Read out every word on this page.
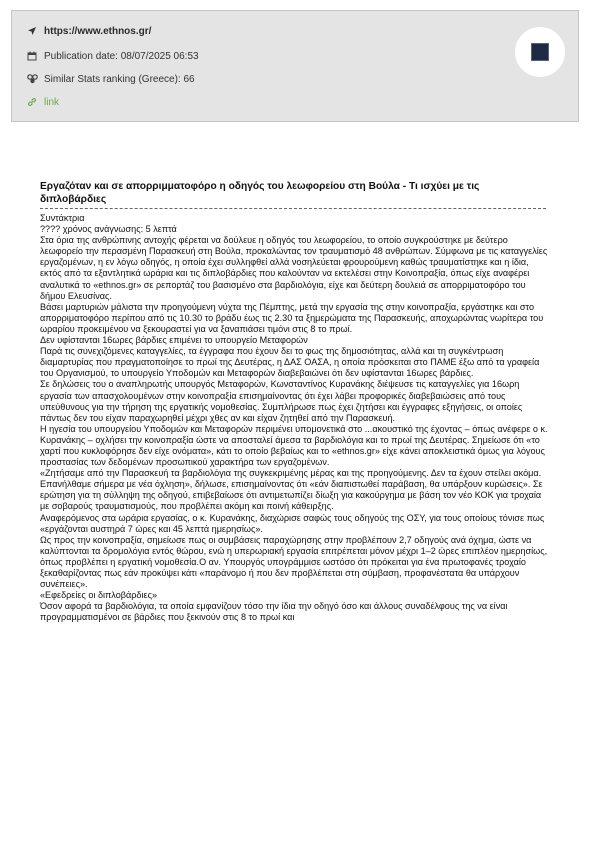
https://www.ethnos.gr/
Publication date: 08/07/2025 06:53
Similar Stats ranking (Greece): 66
link
Εργαζόταν και σε απορριμματοφόρο η οδηγός του λεωφορείου στη Βούλα - Τι ισχύει με τις διπλοβάρδιες

Συντάκτρια

???? χρόνος ανάγνωσης: 5 λεπτά

Στα όρια της ανθρώπινης αντοχής φέρεται να δούλευε η οδηγός του λεωφορείου, το οποίο συγκρούστηκε με δεύτερο λεωφορείο την περασμένη Παρασκευή στη Βούλα, προκαλώντας τον τραυματισμό 48 ανθρώπων. Σύμφωνα με τις καταγγελίες εργαζομένων, η εν λόγω οδηγός, η οποία έχει συλληφθεί αλλά νοσηλεύεται φρουρούμενη καθώς τραυματίστηκε και η ίδια, εκτός από τα εξαντλητικά ωράρια και τις διπλοβάρδιες που καλούνταν να εκτελέσει στην Κοινοπραξία, όπως είχε αναφέρει αναλυτικά το «ethnos.gr» σε ρεπορτάζ του βασισμένο στα βαρδιολόγια, είχε και δεύτερη δουλειά σε απορριματοφόρο του δήμου Ελευσίνας.

Βάσει μαρτυριών μάλιστα την προηγούμενη νύχτα της Πέμπτης, μετά την εργασία της στην κοινοπραξία, εργάστηκε και στο απορριματοφόρο περίπου από τις 10.30 το βράδυ έως τις 2.30 τα ξημερώματα της Παρασκευής, αποχωρώντας νωρίτερα του ωραρίου προκειμένου να ξεκουραστεί για να ξαναπιάσει τιμόνι στις 8 το πρωί.

Δεν υφίστανται 16ωρες βάρδιες επιμένει το υπουργείο Μεταφορών

Παρά τις συνεχιζόμενες καταγγελίες, τα έγγραφα που έχουν δει το φως της δημοσιότητας, αλλά και τη συγκέντρωση διαμαρτυρίας που πραγματοποίησε το πρωί της Δευτέρας, η ΔΑΣ ΟΑΣΑ, η οποία πρόσκειται στο ΠΑΜΕ έξω από τα γραφεία του Οργανισμού, το υπουργείο Υποδομών και Μεταφορών διαβεβαιώνει ότι δεν υφίστανται 16ωρες βάρδιες.

Σε δηλώσεις του ο αναπληρωτής υπουργός Μεταφορών, Κωνσταντίνος Κυρανάκης διέψευσε τις καταγγελίες για 16ωρη εργασία των απασχολουμένων στην κοινοπραξία επισημαίνοντας ότι έχει λάβει προφορικές διαβεβαιώσεις από τους υπεύθυνους για την τήρηση της εργατικής νομοθεσίας. Συμπλήρωσε πως έχει ζητήσει και έγγραφες εξηγήσεις, οι οποίες πάντως δεν του είχαν παραχωρηθεί μέχρι χθες αν και είχαν ζητηθεί από την Παρασκευή.

Η ηγεσία του υπουργείου Υποδομών και Μεταφορών περιμένει υπομονετικά στο ...ακουστικό της έχοντας – όπως ανέφερε ο κ. Κυρανάκης – οχλήσει την κοινοπραξία ώστε να αποσταλεί άμεσα τα βαρδιολόγια και το πρωί της Δευτέρας. Σημείωσε ότι «το χαρτί που κυκλοφόρησε δεν είχε ονόματα», κάτι το οποίο βεβαίως και το «ethnos.gr» είχε κάνει αποκλειστικά όμως για λόγους προστασίας των δεδομένων προσωπικού χαρακτήρα των εργαζομένων.

«Ζητήσαμε από την Παρασκευή τα βαρδιολόγια της συγκεκριμένης μέρας και της προηγούμενης. Δεν τα έχουν στείλει ακόμα. Επανήλθαμε σήμερα με νέα όχληση», δήλωσε, επισημαίνοντας ότι «εάν διαπιστωθεί παράβαση, θα υπάρξουν κυρώσεις». Σε ερώτηση για τη σύλληψη της οδηγού, επιβεβαίωσε ότι αντιμετωπίζει δίωξη για κακούργημα με βάση τον νέο ΚΟΚ για τροχαία με σοβαρούς τραυματισμούς, που προβλέπει ακόμη και ποινή κάθειρξης.

Αναφερόμενος στα ωράρια εργασίας, ο κ. Κυρανάκης, διαχώρισε σαφώς τους οδηγούς της ΟΣΥ, για τους οποίους τόνισε πως «εργάζονται αυστηρά 7 ώρες και 45 λεπτά ημερησίως».

Ως προς την κοινοπραξία, σημείωσε πως οι συμβάσεις παραχώρησης στην προβλέπουν 2,7 οδηγούς ανά όχημα, ώστε να καλύπτονται τα δρομολόγια εντός θώρου, ενώ η υπερωριακή εργασία επιτρέπεται μόνον μέχρι 1–2 ώρες επιπλέον ημερησίως, όπως προβλέπει η εργατική νομοθεσία.Ο αν. Υπουργός υπογράμμισε ωστόσο ότι πρόκειται για ένα πρωτοφανές τροχαίο ξεκαθαρίζοντας πως εάν προκύψει κάτι «παράνομο ή που δεν προβλέπεται στη σύμβαση, προφανέστατα θα υπάρχουν συνέπειες».

«Εφεδρείες οι διπλοβάρδιες»

Όσον αφορά τα βαρδιολόγια, τα οποία εμφανίζουν τόσο την ίδια την οδηγό όσο και άλλους συναδέλφους της να είναι προγραμματισμένοι σε βάρδιες που ξεκινούν στις 8 το πρωί και
